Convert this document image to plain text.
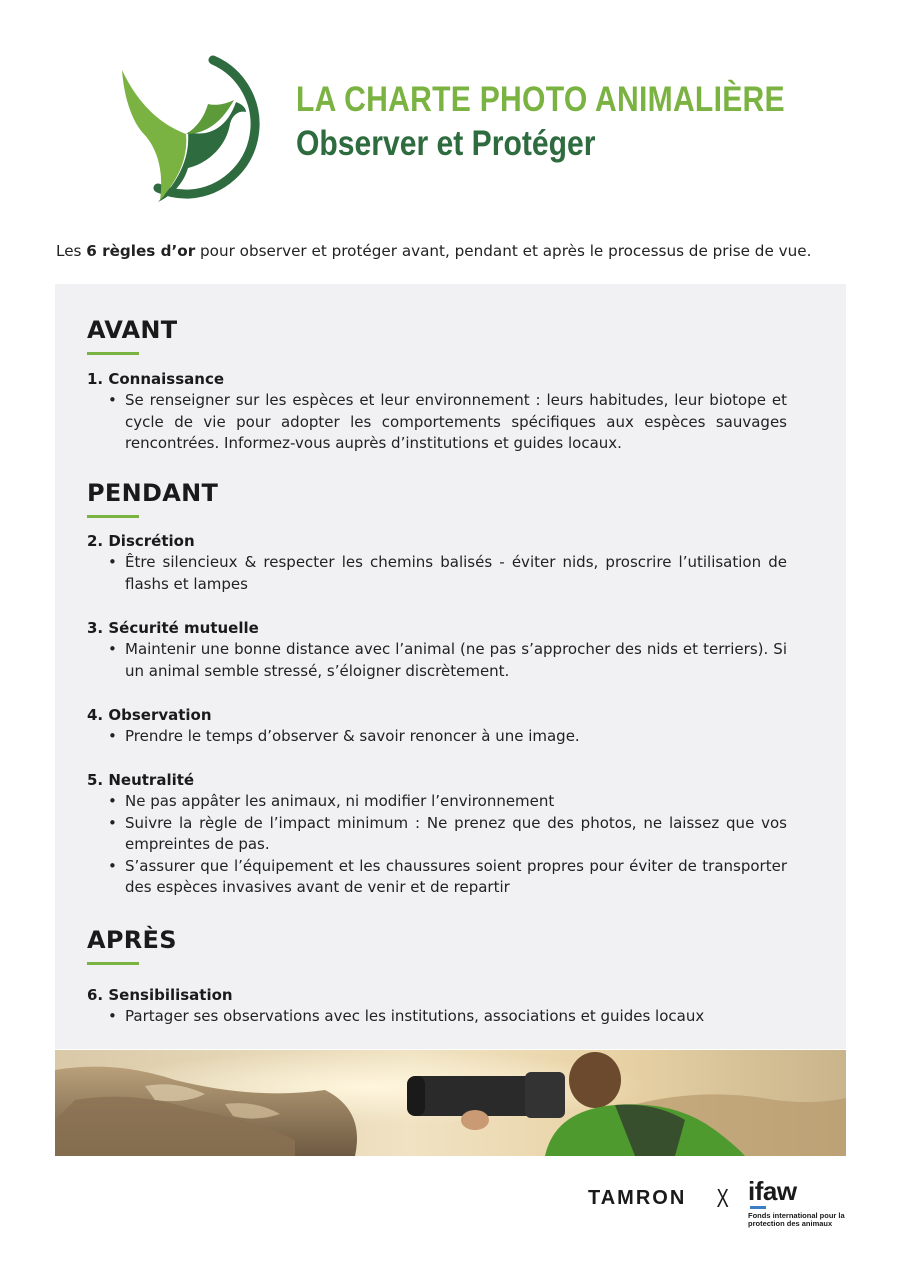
LA CHARTE PHOTO ANIMALIÈRE
Observer et Protéger

Les 6 règles d’or pour observer et protéger avant, pendant et après le processus de prise de vue.

AVANT
1. Connaissance
• Se renseigner sur les espèces et leur environnement : leurs habitudes, leur biotope et cycle de vie pour adopter les comportements spécifiques aux espèces sauvages rencontrées. Informez-vous auprès d’institutions et guides locaux.
PENDANT
2. Discrétion
• Être silencieux & respecter les chemins balisés - éviter nids, proscrire l’utilisation de flashs et lampes
3. Sécurité mutuelle
• Maintenir une bonne distance avec l’animal (ne pas s’approcher des nids et terriers). Si un animal semble stressé, s’éloigner discrètement.
4. Observation
• Prendre le temps d’observer & savoir renoncer à une image.
5. Neutralité
• Ne pas appâter les animaux, ni modifier l’environnement
• Suivre la règle de l’impact minimum : Ne prenez que des photos, ne laissez que vos empreintes de pas.
• S’assurer que l’équipement et les chaussures soient propres pour éviter de transporter des espèces invasives avant de venir et de repartir
APRÈS
6. Sensibilisation
• Partager ses observations avec les institutions, associations et guides locaux
TAMRON X ifaw
Fonds international pour la protection des animaux
